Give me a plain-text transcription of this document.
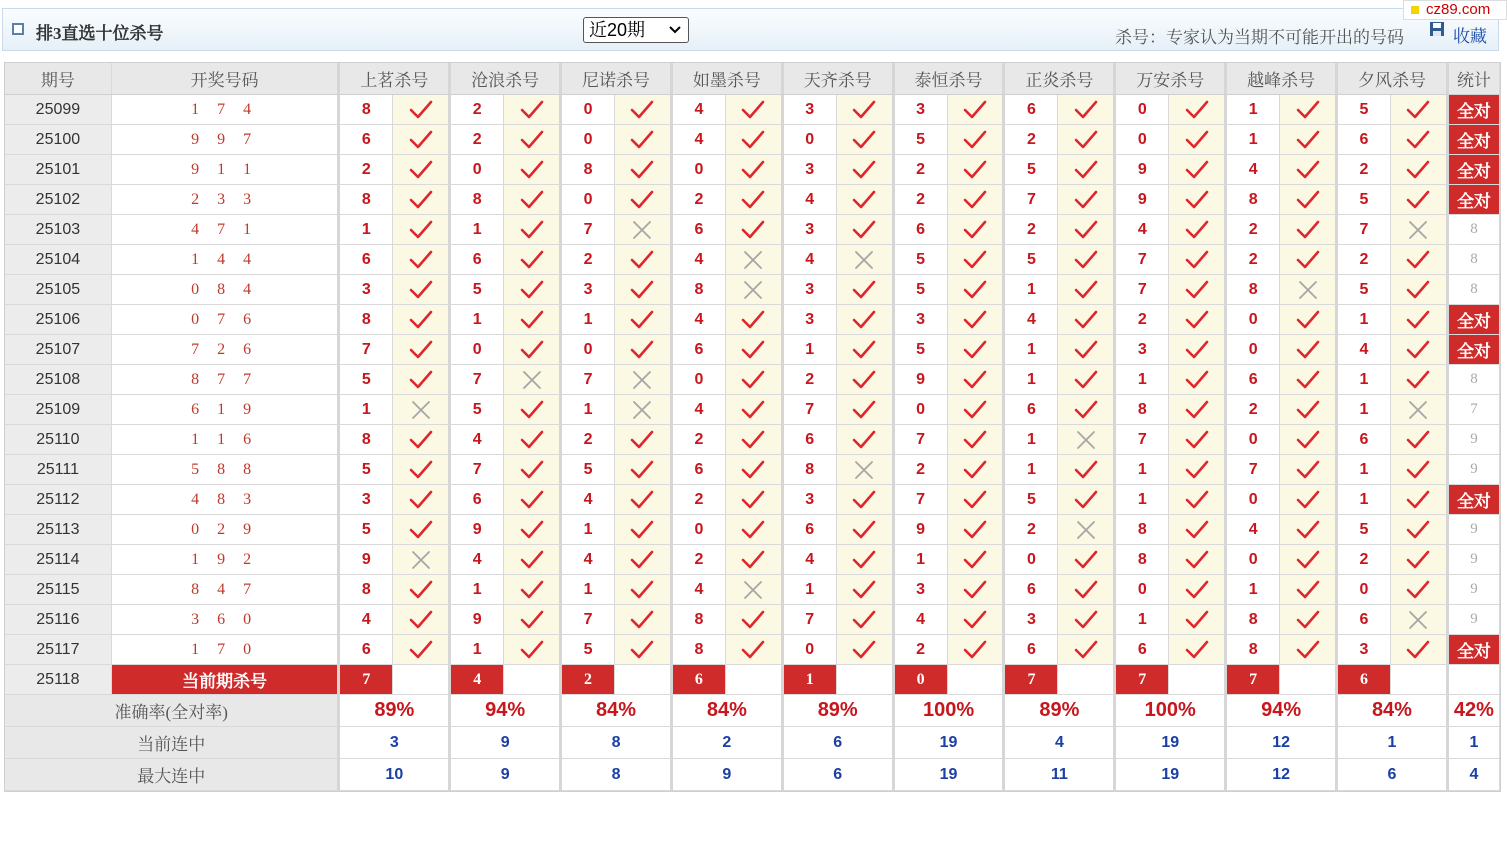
排3直选十位杀号	近20期	杀号：专家认为当期不可能开出的号码	收藏
cz89.com
期号	开奖号码	上茗杀号		沧浪杀号		尼诺杀号		如墨杀号		天齐杀号		泰恒杀号		正炎杀号		万安杀号		越峰杀号		夕风杀号		统计
25099	1 7 4	8		2		0		4		3		3		6		0		1		5		全对
25100	9 9 7	6		2		0		4		0		5		2		0		1		6		全对
25101	9 1 1	2		0		8		0		3		2		5		9		4		2		全对
25102	2 3 3	8		8		0		2		4		2		7		9		8		5		全对
25103	4 7 1	1		1		7		6		3		6		2		4		2		7		8
25104	1 4 4	6		6		2		4		4		5		5		7		2		2		8
25105	0 8 4	3		5		3		8		3		5		1		7		8		5		8
25106	0 7 6	8		1		1		4		3		3		4		2		0		1		全对
25107	7 2 6	7		0		0		6		1		5		1		3		0		4		全对
25108	8 7 7	5		7		7		0		2		9		1		1		6		1		8
25109	6 1 9	1		5		1		4		7		0		6		8		2		1		7
25110	1 1 6	8		4		2		2		6		7		1		7		0		6		9
25111	5 8 8	5		7		5		6		8		2		1		1		7		1		9
25112	4 8 3	3		6		4		2		3		7		5		1		0		1		全对
25113	0 2 9	5		9		1		0		6		9		2		8		4		5		9
25114	1 9 2	9		4		4		2		4		1		0		8		0		2		9
25115	8 4 7	8		1		1		4		1		3		6		0		1		0		9
25116	3 6 0	4		9		7		8		7		4		3		1		8		6		9
25117	1 7 0	6		1		5		8		0		2		6		6		8		3		全对
25118	当前期杀号	7		4		2		6		1		0		7		7		7		6		
准确率(全对率)		89%		94%		84%		84%		89%		100%		89%		100%		94%		84%		42%
当前连中		3		9		8		2		6		19		4		19		12		1		1
最大连中		10		9		8		9		6		19		11		19		12		6		4
